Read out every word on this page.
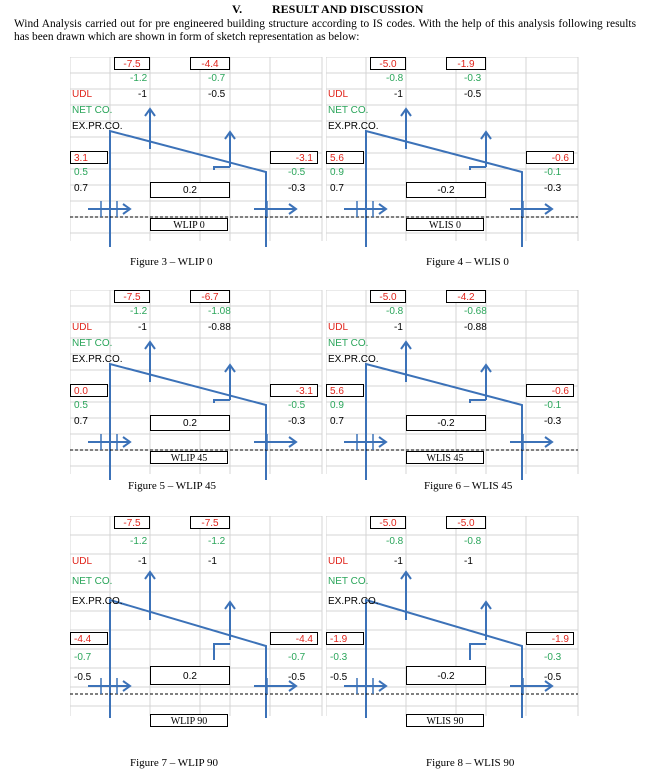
V. RESULT AND DISCUSSION
Wind Analysis carried out for pre engineered building structure according to IS codes. With the help of this analysis following results has been drawn which are shown in form of sketch representation as below:
-7.5	-4.4
-1.2	-0.7
-1	-0.5
UDL
NET CO.
EX.PR.CO.
3.1	-3.1
0.5	-0.5
0.7	-0.3
0.2
WLIP 0
Figure 3 – WLIP 0
-5.0	-1.9
-0.8	-0.3
-1	-0.5
UDL
NET CO.
EX.PR.CO.
5.6	-0.6
0.9	-0.1
0.7	-0.3
-0.2
WLIS 0
Figure 4 – WLIS 0
-7.5	-6.7
-1.2	-1.08
-1	-0.88
UDL
NET CO.
EX.PR.CO.
0.0	-3.1
0.5	-0.5
0.7	-0.3
0.2
WLIP 45
Figure 5 – WLIP 45
-5.0	-4.2
-0.8	-0.68
-1	-0.88
UDL
NET CO.
EX.PR.CO.
5.6	-0.6
0.9	-0.1
0.7	-0.3
-0.2
WLIS 45
Figure 6 – WLIS 45
-7.5	-7.5
-1.2	-1.2
-1	-1
UDL
NET CO.
EX.PR.CO.
-4.4	-4.4
-0.7	-0.7
-0.5	-0.5
0.2
WLIP 90
Figure 7 – WLIP 90
-5.0	-5.0
-0.8	-0.8
-1	-1
UDL
NET CO.
EX.PR.CO.
-1.9	-1.9
-0.3	-0.3
-0.5	-0.5
-0.2
WLIS 90
Figure 8 – WLIS 90
